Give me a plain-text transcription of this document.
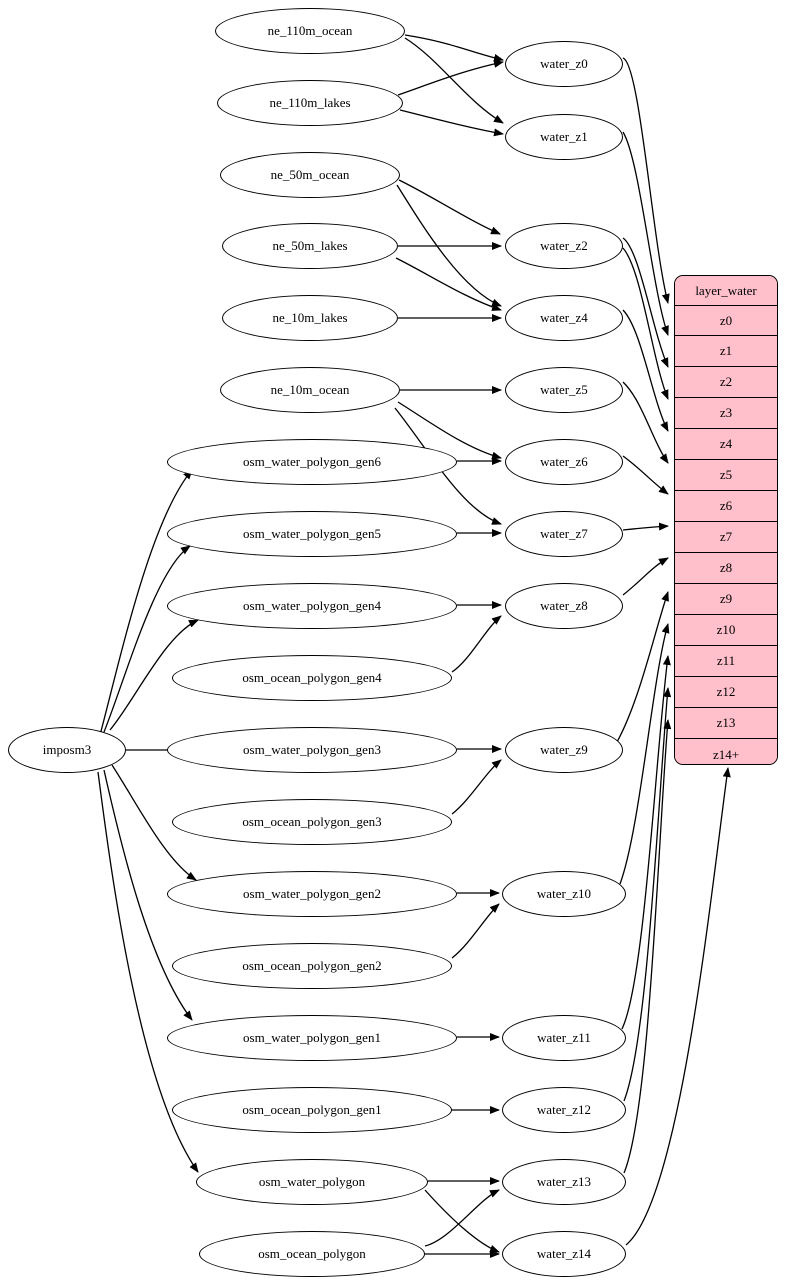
imposm3
ne_110m_ocean
ne_110m_lakes
ne_50m_ocean
ne_50m_lakes
ne_10m_lakes
ne_10m_ocean
osm_water_polygon_gen6
osm_water_polygon_gen5
osm_water_polygon_gen4
osm_ocean_polygon_gen4
osm_water_polygon_gen3
osm_ocean_polygon_gen3
osm_water_polygon_gen2
osm_ocean_polygon_gen2
osm_water_polygon_gen1
osm_ocean_polygon_gen1
osm_water_polygon
osm_ocean_polygon
water_z0
water_z1
water_z2
water_z4
water_z5
water_z6
water_z7
water_z8
water_z9
water_z10
water_z11
water_z12
water_z13
water_z14
layer_water
z0
z1
z2
z3
z4
z5
z6
z7
z8
z9
z10
z11
z12
z13
z14+
